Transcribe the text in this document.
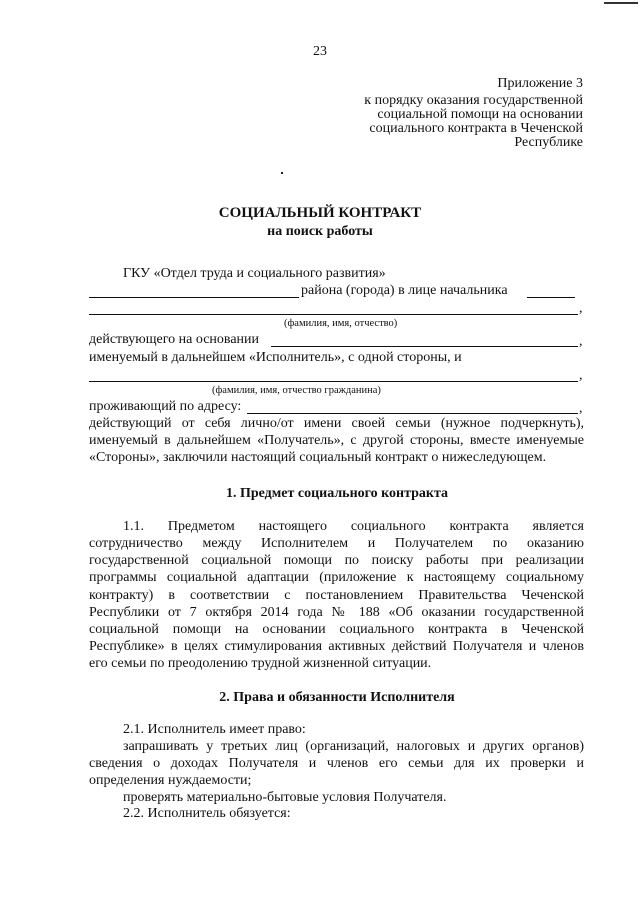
23
Приложение 3
к порядку оказания государственной
социальной помощи на основании
социального контракта в Чеченской
Республике
СОЦИАЛЬНЫЙ КОНТРАКТ
на поиск работы
ГКУ «Отдел труда и социального развития»
района (города) в лице начальника
,
(фамилия, имя, отчество)
действующего на основании	,
именуемый в дальнейшем «Исполнитель», с одной стороны, и
,
(фамилия, имя, отчество гражданина)
проживающий по адресу:	,
действующий от себя лично/от имени своей семьи (нужное подчеркнуть),
именуемый в дальнейшем «Получатель», с другой стороны, вместе именуемые
«Стороны», заключили настоящий социальный контракт о нижеследующем.
1. Предмет социального контракта
1.1. Предметом настоящего социального контракта является
сотрудничество между Исполнителем и Получателем по оказанию
государственной социальной помощи по поиску работы при реализации
программы социальной адаптации (приложение к настоящему социальному
контракту) в соответствии с постановлением Правительства Чеченской
Республики от 7 октября 2014 года № 188 «Об оказании государственной
социальной помощи на основании социального контракта в Чеченской
Республике» в целях стимулирования активных действий Получателя и членов
его семьи по преодолению трудной жизненной ситуации.
2. Права и обязанности Исполнителя
2.1. Исполнитель имеет право:
запрашивать у третьих лиц (организаций, налоговых и других органов)
сведения о доходах Получателя и членов его семьи для их проверки и
определения нуждаемости;
проверять материально-бытовые условия Получателя.
2.2. Исполнитель обязуется:
